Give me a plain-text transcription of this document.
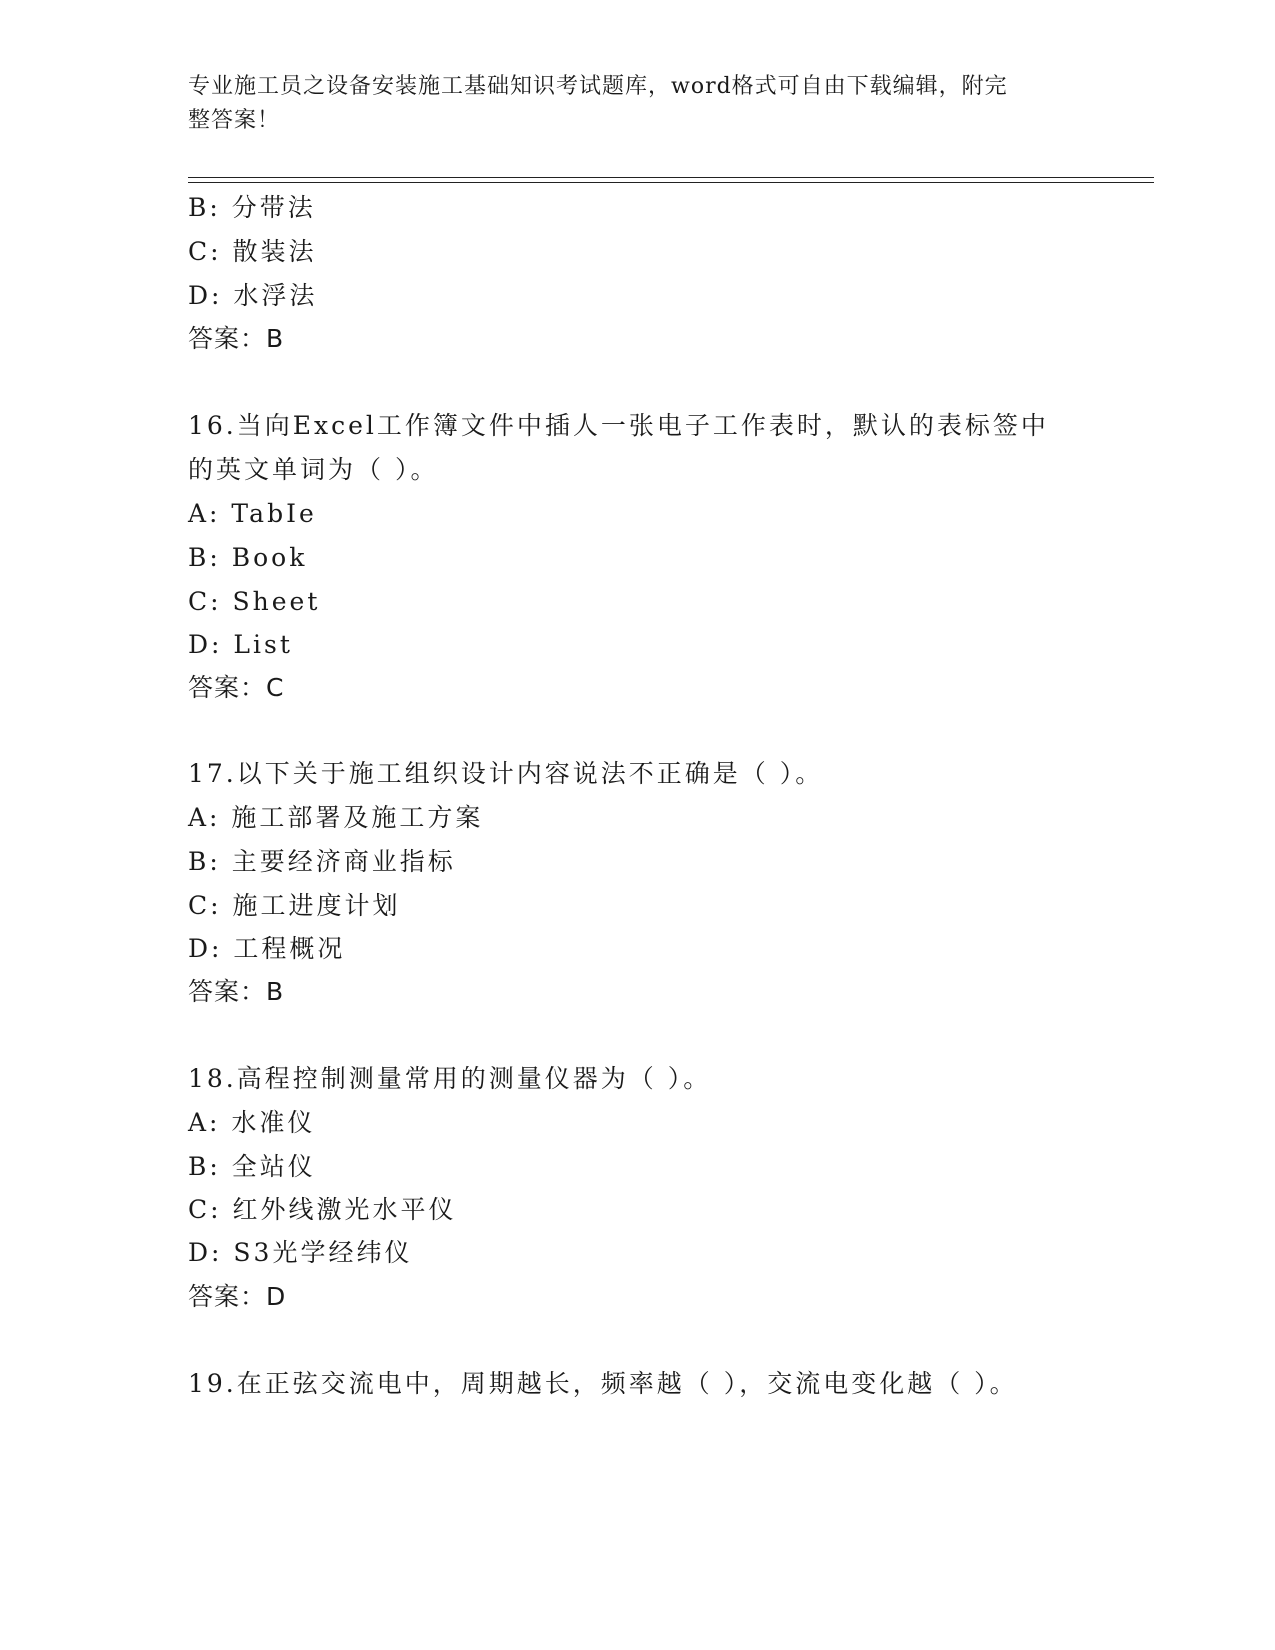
专业施工员之设备安装施工基础知识考试题库，word格式可自由下载编辑，附完
整答案！
B: 分带法
C: 散装法
D: 水浮法
答案：B
16.当向Excel工作簿文件中插人一张电子工作表时，默认的表标签中
的英文单词为（ ）。
A: TabIe
B: Book
C: Sheet
D: List
答案：C
17.以下关于施工组织设计内容说法不正确是（ ）。
A: 施工部署及施工方案
B: 主要经济商业指标
C: 施工进度计划
D: 工程概况
答案：B
18.高程控制测量常用的测量仪器为（ ）。
A: 水准仪
B: 全站仪
C: 红外线激光水平仪
D: S3光学经纬仪
答案：D
19.在正弦交流电中，周期越长，频率越（ ），交流电变化越（ ）。
